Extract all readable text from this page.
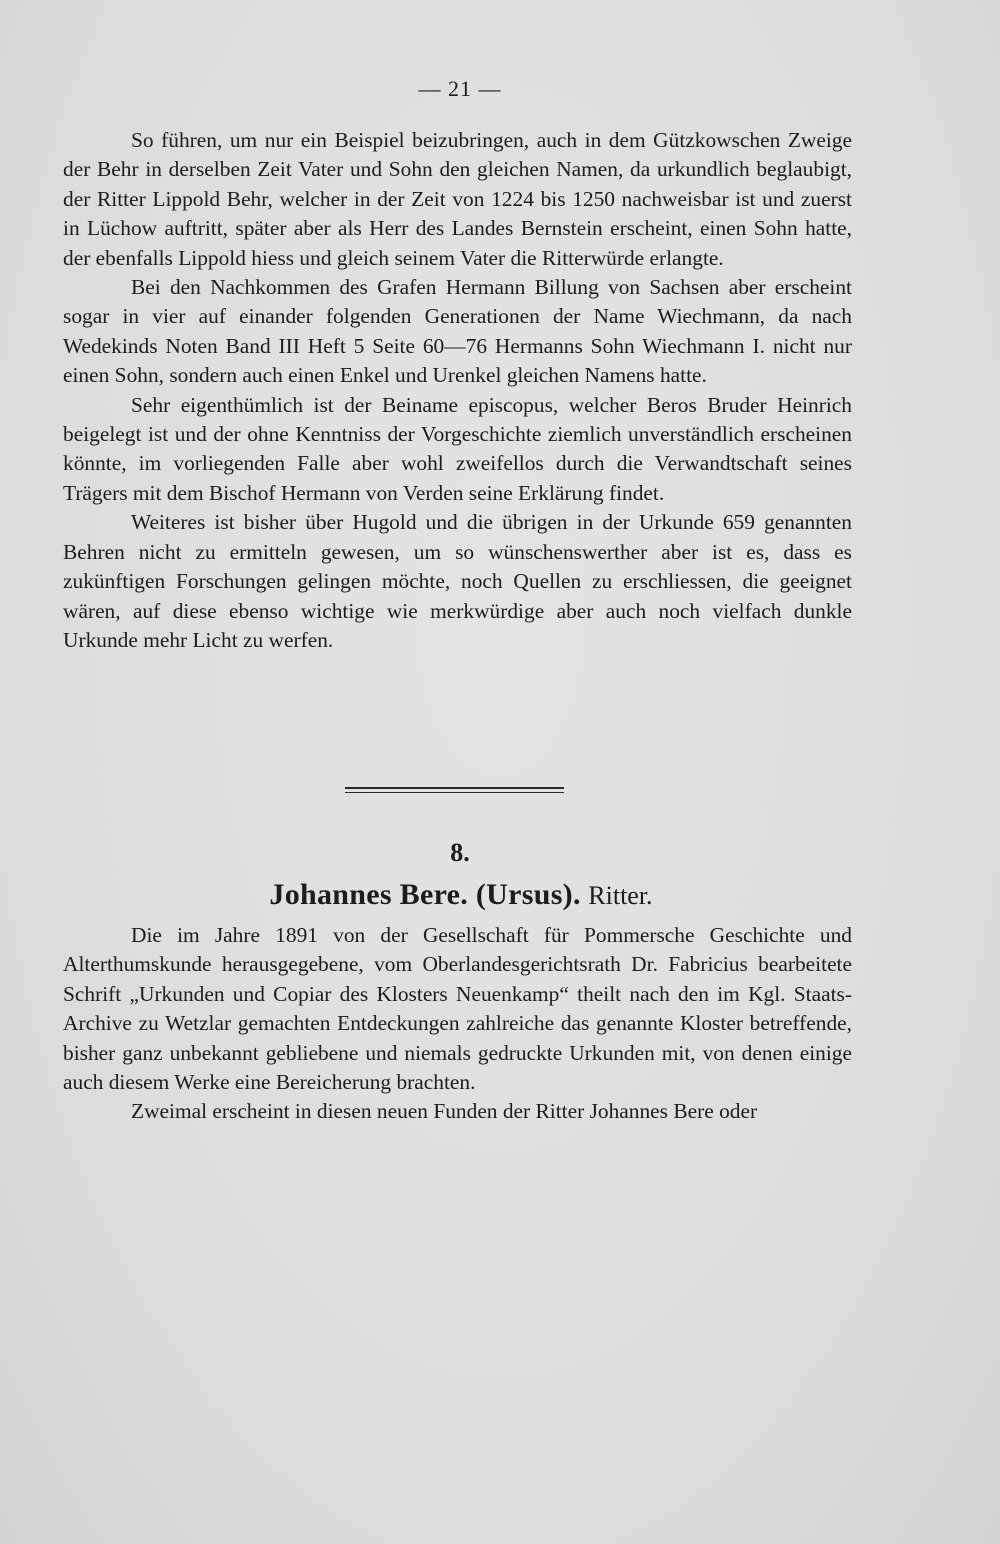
— 21 —

So führen, um nur ein Beispiel beizubringen, auch in dem Gützkowschen Zweige der Behr in derselben Zeit Vater und Sohn den gleichen Namen, da urkundlich beglaubigt, der Ritter Lippold Behr, welcher in der Zeit von 1224 bis 1250 nachweisbar ist und zuerst in Lüchow auftritt, später aber als Herr des Landes Bernstein erscheint, einen Sohn hatte, der ebenfalls Lippold hiess und gleich seinem Vater die Ritterwürde erlangte.

Bei den Nachkommen des Grafen Hermann Billung von Sachsen aber erscheint sogar in vier auf einander folgenden Generationen der Name Wiechmann, da nach Wedekinds Noten Band III Heft 5 Seite 60—76 Hermanns Sohn Wiechmann I. nicht nur einen Sohn, sondern auch einen Enkel und Urenkel gleichen Namens hatte.

Sehr eigenthümlich ist der Beiname episcopus, welcher Beros Bruder Heinrich beigelegt ist und der ohne Kenntniss der Vorgeschichte ziemlich unverständlich erscheinen könnte, im vorliegenden Falle aber wohl zweifellos durch die Verwandtschaft seines Trägers mit dem Bischof Hermann von Verden seine Erklärung findet.

Weiteres ist bisher über Hugold und die übrigen in der Urkunde 659 genannten Behren nicht zu ermitteln gewesen, um so wünschenswerther aber ist es, dass es zukünftigen Forschungen gelingen möchte, noch Quellen zu erschliessen, die geeignet wären, auf diese ebenso wichtige wie merkwürdige aber auch noch vielfach dunkle Urkunde mehr Licht zu werfen.

8.
Johannes Bere. (Ursus). Ritter.

Die im Jahre 1891 von der Gesellschaft für Pommersche Geschichte und Alterthumskunde herausgegebene, vom Oberlandesgerichtsrath Dr. Fabricius bearbeitete Schrift „Urkunden und Copiar des Klosters Neuenkamp“ theilt nach den im Kgl. Staats-Archive zu Wetzlar gemachten Entdeckungen zahlreiche das genannte Kloster betreffende, bisher ganz unbekannt gebliebene und niemals gedruckte Urkunden mit, von denen einige auch diesem Werke eine Bereicherung brachten.

Zweimal erscheint in diesen neuen Funden der Ritter Johannes Bere oder
